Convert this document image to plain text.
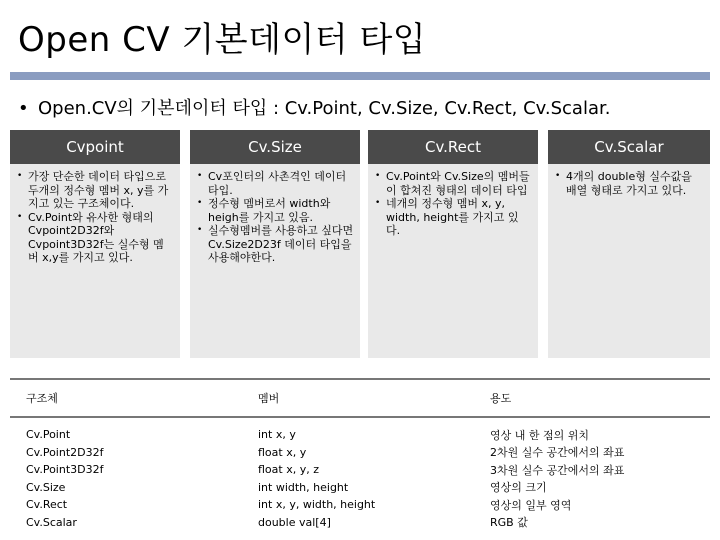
Open CV 기본데이터 타입
• Open.CV의 기본데이터 타입 : Cv.Point, Cv.Size, Cv.Rect, Cv.Scalar.
Cvpoint
• 가장 단순한 데이터 타입으로 두개의 정수형 멤버 x, y를 가지고 있는 구조체이다.
• Cv.Point와 유사한 형태의 Cvpoint2D32f와 Cvpoint3D32f는 실수형 멤버 x,y를 가지고 있다.
Cv.Size
• Cv포인터의 사촌격인 데이터 타입.
• 정수형 멤버로서 width와 heigh를 가지고 있음.
• 실수형멤버를 사용하고 싶다면 Cv.Size2D23f 데이터 타입을 사용해야한다.
Cv.Rect
• Cv.Point와 Cv.Size의 멤버들이 합쳐진 형태의 데이터 타입
• 네개의 정수형 멤버 x, y, width, height를 가지고 있다.
Cv.Scalar
• 4개의 double형 실수값을 배열 형태로 가지고 있다.
구조체	멤버	용도
Cv.Point	int x, y	영상 내 한 점의 위치
Cv.Point2D32f	float x, y	2차원 실수 공간에서의 좌표
Cv.Point3D32f	float x, y, z	3차원 실수 공간에서의 좌표
Cv.Size	int width, height	영상의 크기
Cv.Rect	int x, y, width, height	영상의 일부 영역
Cv.Scalar	double val[4]	RGB 값
